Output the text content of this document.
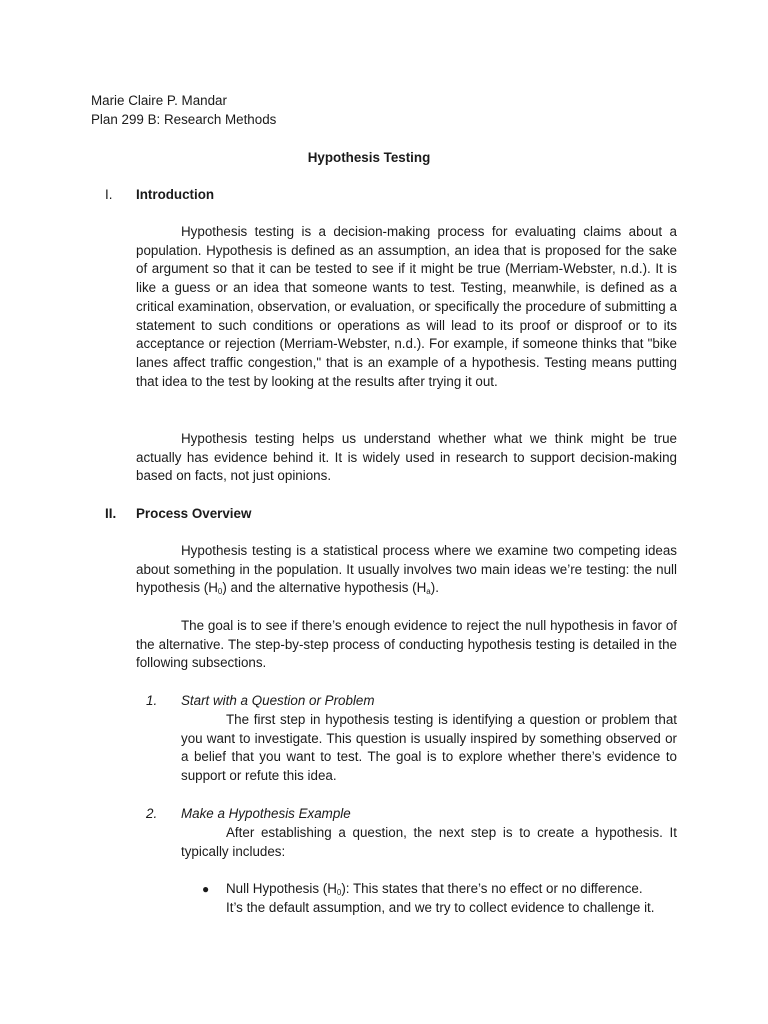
Marie Claire P. Mandar
Plan 299 B: Research Methods
Hypothesis Testing
I. Introduction

Hypothesis testing is a decision-making process for evaluating claims about a population. Hypothesis is defined as an assumption, an idea that is proposed for the sake of argument so that it can be tested to see if it might be true (Merriam-Webster, n.d.). It is like a guess or an idea that someone wants to test. Testing, meanwhile, is defined as a critical examination, observation, or evaluation, or specifically the procedure of submitting a statement to such conditions or operations as will lead to its proof or disproof or to its acceptance or rejection (Merriam-Webster, n.d.). For example, if someone thinks that "bike lanes affect traffic congestion," that is an example of a hypothesis. Testing means putting that idea to the test by looking at the results after trying it out.

Hypothesis testing helps us understand whether what we think might be true actually has evidence behind it. It is widely used in research to support decision-making based on facts, not just opinions.

II. Process Overview

Hypothesis testing is a statistical process where we examine two competing ideas about something in the population. It usually involves two main ideas we’re testing: the null hypothesis $(H_0)$ and the alternative hypothesis $(H_a)$.

The goal is to see if there’s enough evidence to reject the null hypothesis in favor of the alternative. The step-by-step process of conducting hypothesis testing is detailed in the following subsections.

1. Start with a Question or Problem

The first step in hypothesis testing is identifying a question or problem that you want to investigate. This question is usually inspired by something observed or a belief that you want to test. The goal is to explore whether there’s evidence to support or refute this idea.

2. Make a Hypothesis Example

After establishing a question, the next step is to create a hypothesis. It typically includes:

● Null Hypothesis $(H_0)$: This states that there’s no effect or no difference.
It’s the default assumption, and we try to collect evidence to challenge it.
